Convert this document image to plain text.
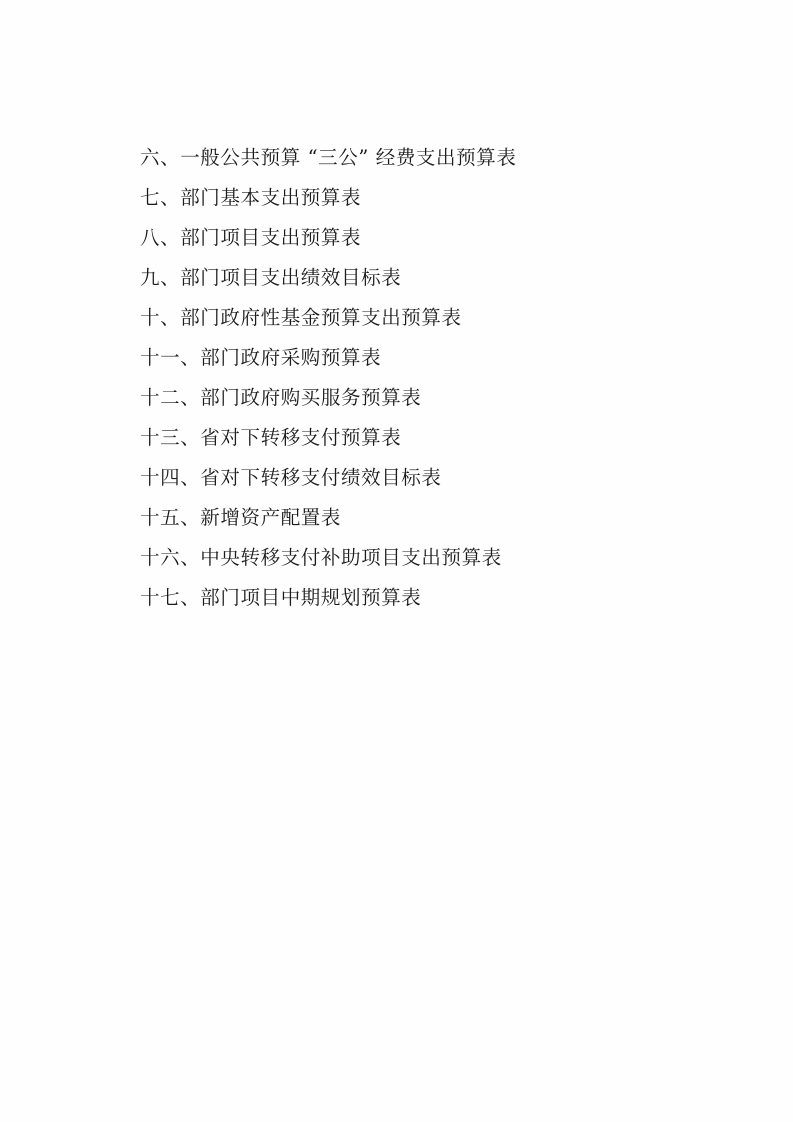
六、一般公共预算 “三公” 经费支出预算表
七、部门基本支出预算表
八、部门项目支出预算表
九、部门项目支出绩效目标表
十、部门政府性基金预算支出预算表
十一、部门政府采购预算表
十二、部门政府购买服务预算表
十三、省对下转移支付预算表
十四、省对下转移支付绩效目标表
十五、新增资产配置表
十六、中央转移支付补助项目支出预算表
十七、部门项目中期规划预算表
